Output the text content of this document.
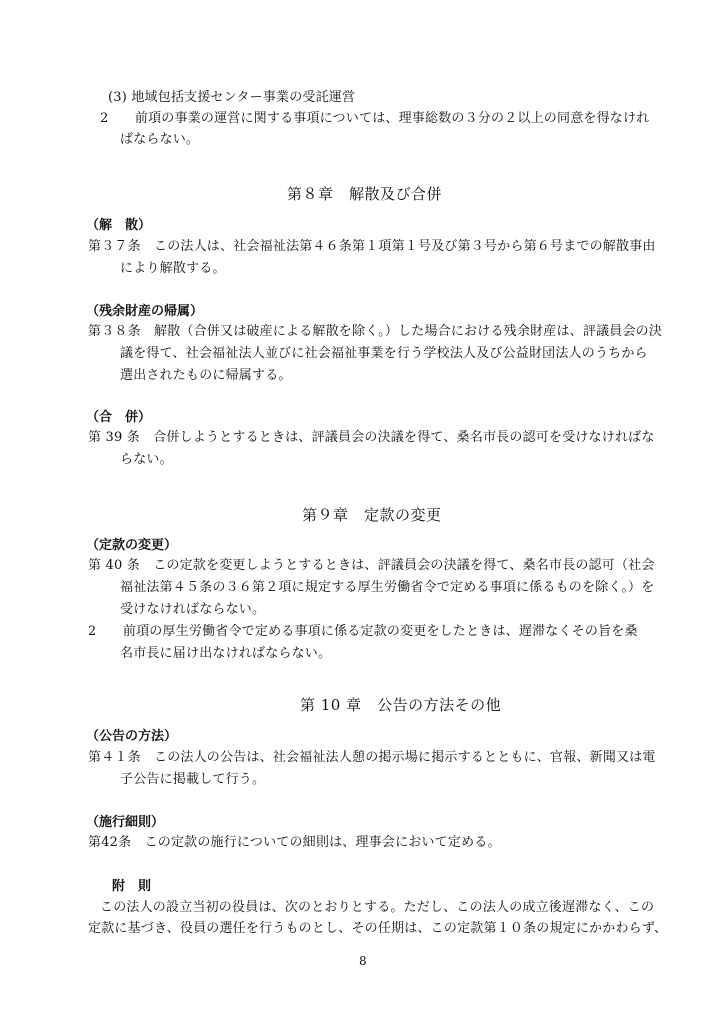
(3) 地域包括支援センター事業の受託運営
2　　前項の事業の運営に関する事項については、理事総数の３分の２以上の同意を得なけれ
ばならない。
第８章　解散及び合併
（解　散）
第３７条　この法人は、社会福祉法第４６条第１項第１号及び第３号から第６号までの解散事由
により解散する。
（残余財産の帰属）
第３８条　解散（合併又は破産による解散を除く。）した場合における残余財産は、評議員会の決
議を得て、社会福祉法人並びに社会福祉事業を行う学校法人及び公益財団法人のうちから
選出されたものに帰属する。
（合　併）
第 39 条　合併しようとするときは、評議員会の決議を得て、桑名市長の認可を受けなければな
らない。
第９章　定款の変更
（定款の変更）
第 40 条　この定款を変更しようとするときは、評議員会の決議を得て、桑名市長の認可（社会
福祉法第４５条の３６第２項に規定する厚生労働省令で定める事項に係るものを除く。）を
受けなければならない。
2　　前項の厚生労働省令で定める事項に係る定款の変更をしたときは、遅滞なくその旨を桑
名市長に届け出なければならない。
第 10 章　公告の方法その他
（公告の方法）
第４１条　この法人の公告は、社会福祉法人憩の掲示場に掲示するとともに、官報、新聞又は電
子公告に掲載して行う。
（施行細則）
第42条　この定款の施行についての細則は、理事会において定める。
附　則
この法人の設立当初の役員は、次のとおりとする。ただし、この法人の成立後遅滞なく、この
定款に基づき、役員の選任を行うものとし、その任期は、この定款第１０条の規定にかかわらず、
8
